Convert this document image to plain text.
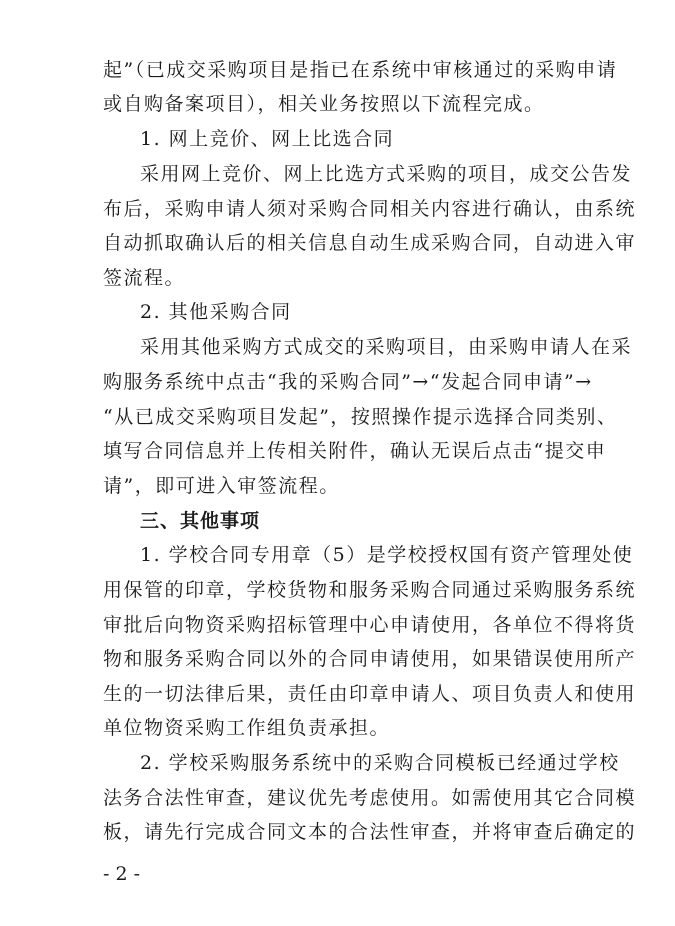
起”（已成交采购项目是指已在系统中审核通过的采购申请
或自购备案项目），相关业务按照以下流程完成。
1. 网上竞价、网上比选合同
采用网上竞价、网上比选方式采购的项目，成交公告发
布后，采购申请人须对采购合同相关内容进行确认，由系统
自动抓取确认后的相关信息自动生成采购合同，自动进入审
签流程。
2. 其他采购合同
采用其他采购方式成交的采购项目，由采购申请人在采
购服务系统中点击“我的采购合同”→“发起合同申请”→
“从已成交采购项目发起”，按照操作提示选择合同类别、
填写合同信息并上传相关附件，确认无误后点击“提交申
请”，即可进入审签流程。
三、其他事项
1. 学校合同专用章（5）是学校授权国有资产管理处使
用保管的印章，学校货物和服务采购合同通过采购服务系统
审批后向物资采购招标管理中心申请使用，各单位不得将货
物和服务采购合同以外的合同申请使用，如果错误使用所产
生的一切法律后果，责任由印章申请人、项目负责人和使用
单位物资采购工作组负责承担。
2. 学校采购服务系统中的采购合同模板已经通过学校
法务合法性审查，建议优先考虑使用。如需使用其它合同模
板，请先行完成合同文本的合法性审查，并将审查后确定的
- 2 -
